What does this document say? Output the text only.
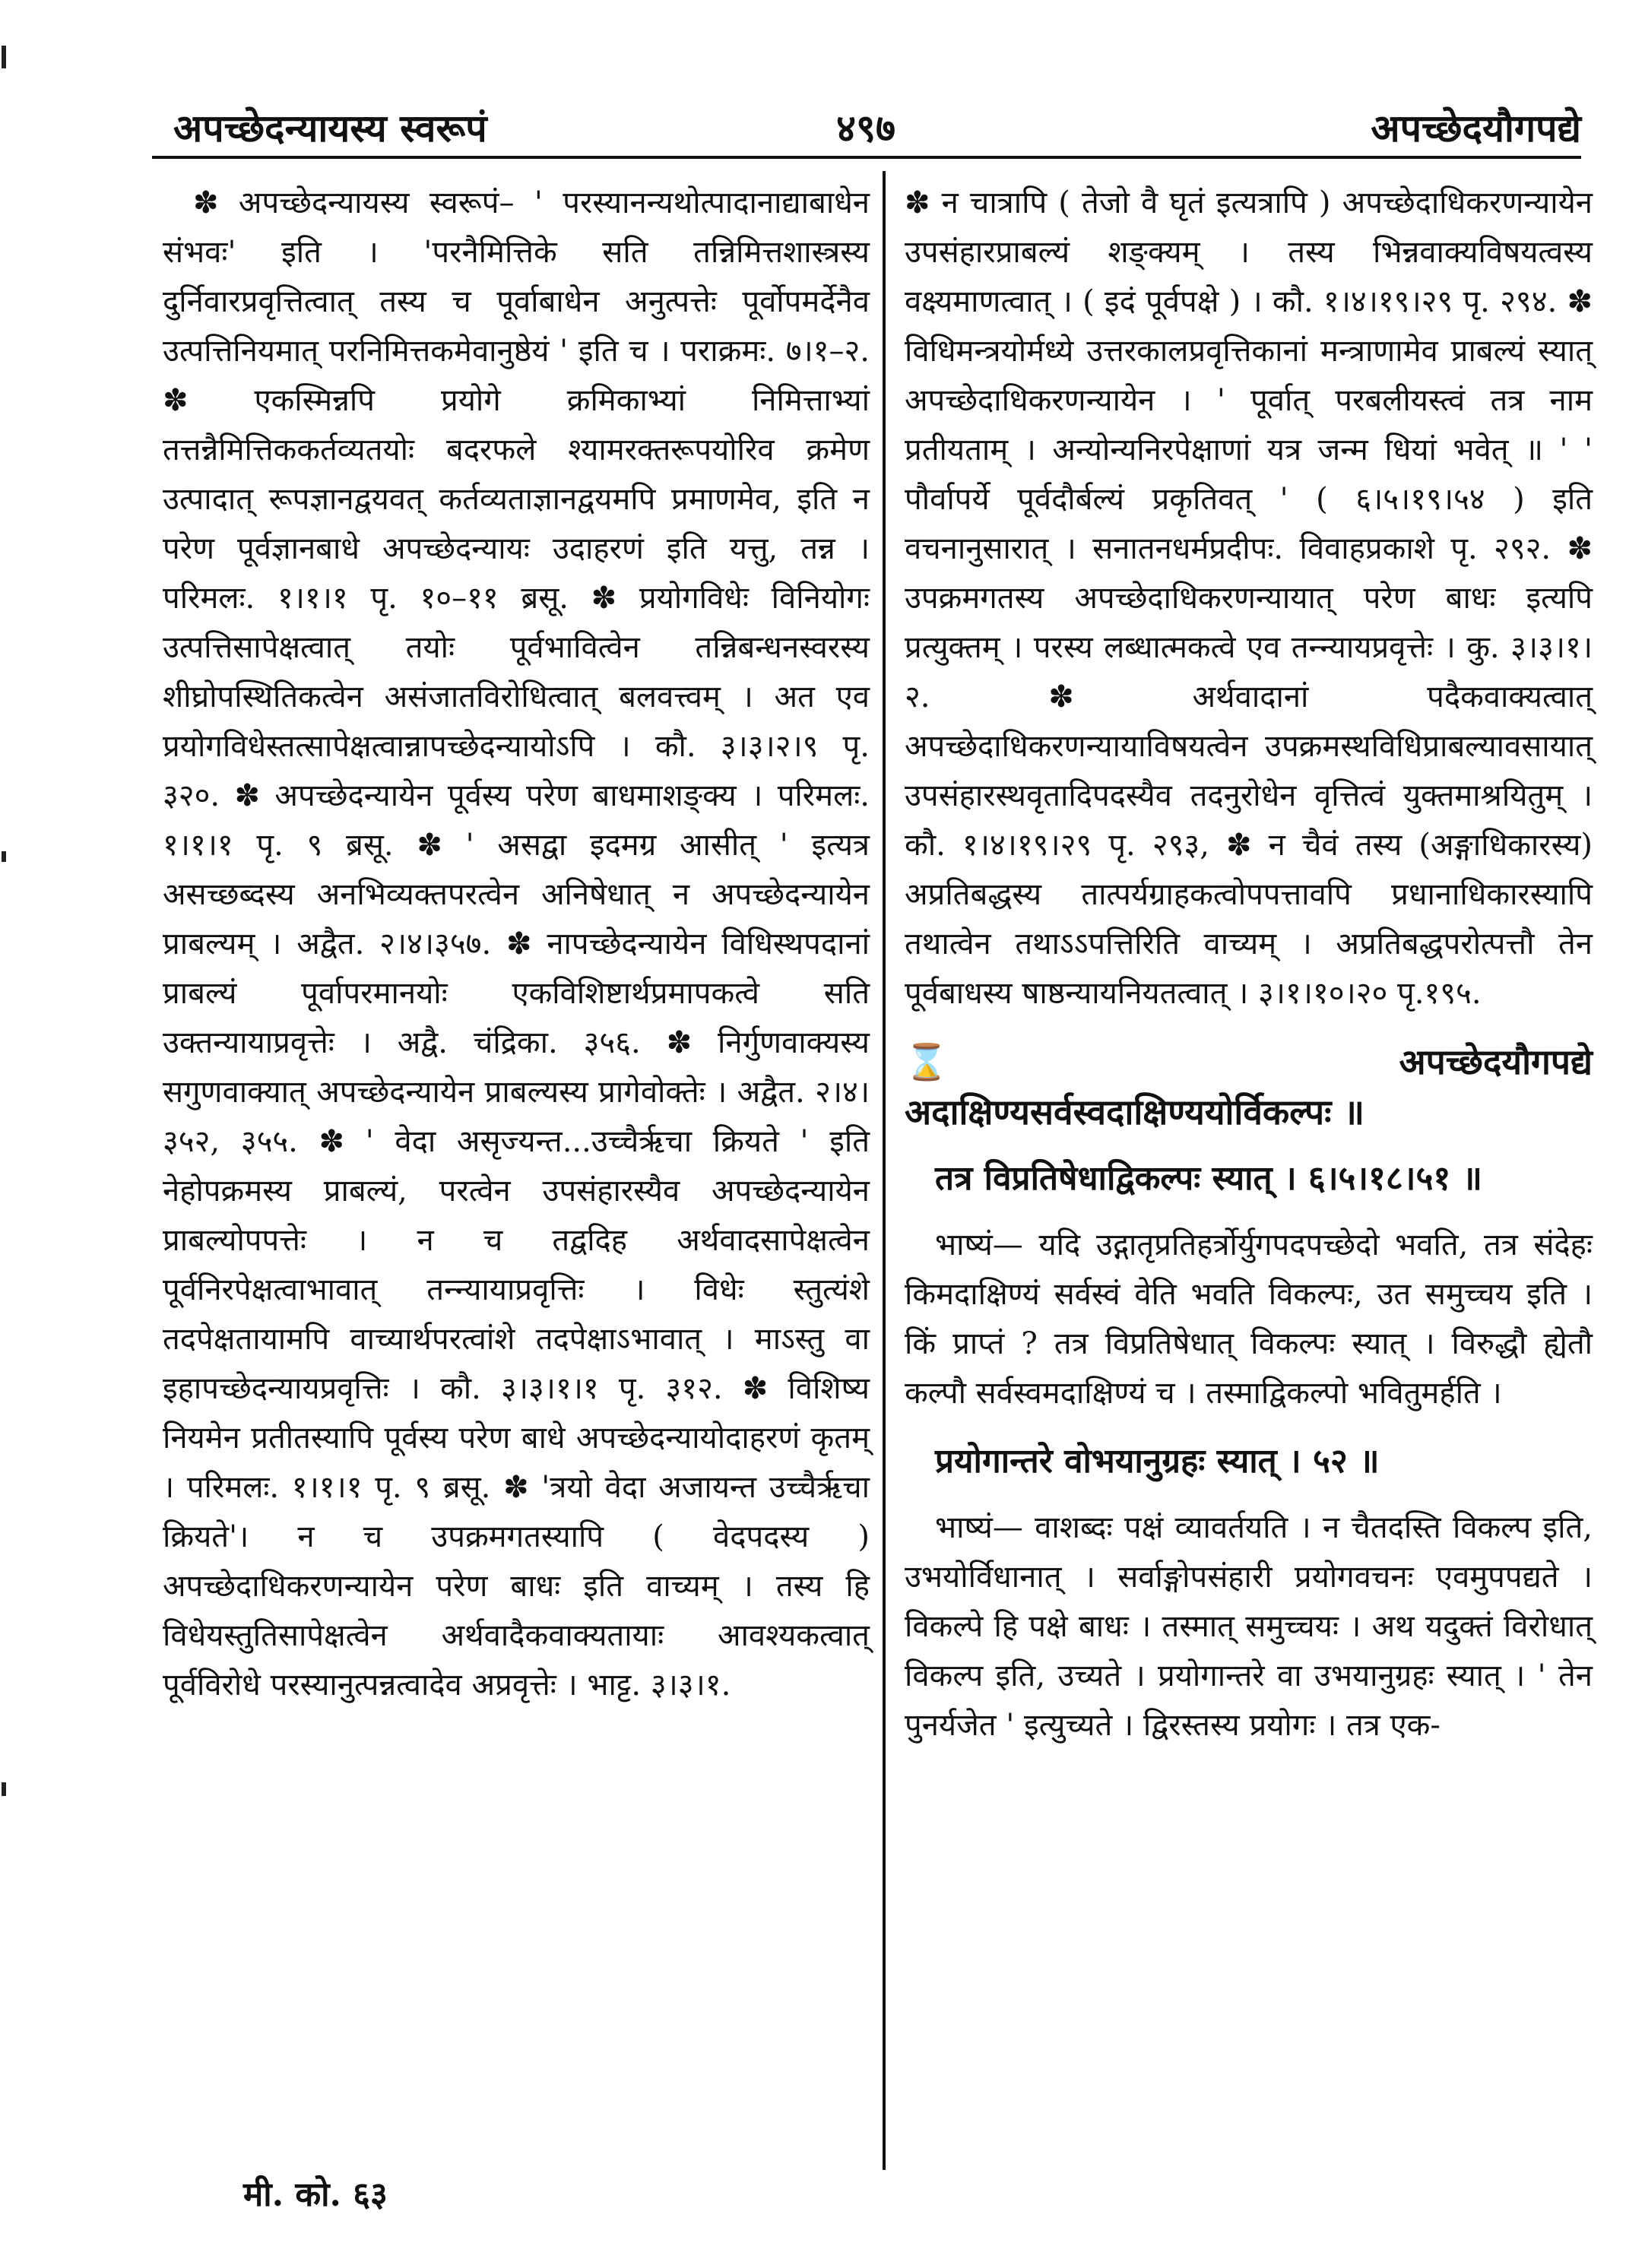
अपच्छेदन्यायस्य स्वरूपं	४९७	अपच्छेदयौगपद्ये

✽ अपच्छेदन्यायस्य स्वरूपं– ' परस्यानन्यथोत्पादानाद्याबाधेन संभवः' इति । 'परनैमित्तिके सति तन्निमित्तशास्त्रस्य दुर्निवारप्रवृत्तित्वात् तस्य च पूर्वाबाधेन अनुत्पत्तेः पूर्वोपमर्देनैव उत्पत्तिनियमात् परनिमित्तकमेवानुष्ठेयं ' इति च । पराक्रमः. ७।१–२. ✽ एकस्मिन्नपि प्रयोगे क्रमिकाभ्यां निमित्ताभ्यां तत्तन्नैमित्तिककर्तव्यतयोः बदरफले श्यामरक्तरूपयोरिव क्रमेण उत्पादात् रूपज्ञानद्वयवत् कर्तव्यताज्ञानद्वयमपि प्रमाणमेव, इति न परेण पूर्वज्ञानबाधे अपच्छेदन्यायः उदाहरणं इति यत्तु, तन्न । परिमलः. १।१।१ पृ. १०–११ ब्रसू. ✽ प्रयोगविधेः विनियोगः उत्पत्तिसापेक्षत्वात् तयोः पूर्वभावित्वेन तन्निबन्धनस्वरस्य शीघ्रोपस्थितिकत्वेन असंजातविरोधित्वात् बलवत्त्वम् । अत एव प्रयोगविधेस्तत्सापेक्षत्वान्नापच्छेदन्यायोऽपि । कौ. ३।३।२।९ पृ. ३२०. ✽ अपच्छेदन्यायेन पूर्वस्य परेण बाधमाशङ्क्य । परिमलः. १।१।१ पृ. ९ ब्रसू. ✽ ' असद्वा इदमग्र आसीत् ' इत्यत्र असच्छब्दस्य अनभिव्यक्तपरत्वेन अनिषेधात् न अपच्छेदन्यायेन प्राबल्यम् । अद्वैत. २।४।३५७. ✽ नापच्छेदन्यायेन विधिस्थपदानां प्राबल्यं पूर्वापरमानयोः एकविशिष्टार्थप्रमापकत्वे सति उक्तन्यायाप्रवृत्तेः । अद्वै. चंद्रिका. ३५६. ✽ निर्गुणवाक्यस्य सगुणवाक्यात् अपच्छेदन्यायेन प्राबल्यस्य प्रागेवोक्तेः । अद्वैत. २।४।३५२, ३५५. ✽ ' वेदा असृज्यन्त...उच्चैर्ऋचा क्रियते ' इति नेहोपक्रमस्य प्राबल्यं, परत्वेन उपसंहारस्यैव अपच्छेदन्यायेन प्राबल्योपपत्तेः । न च तद्वदिह अर्थवादसापेक्षत्वेन पूर्वनिरपेक्षत्वाभावात् तन्न्यायाप्रवृत्तिः । विधेः स्तुत्यंशे तदपेक्षतायामपि वाच्यार्थपरत्वांशे तदपेक्षाऽभावात् । माऽस्तु वा इहापच्छेदन्यायप्रवृत्तिः । कौ. ३।३।१।१ पृ. ३१२. ✽ विशिष्य नियमेन प्रतीतस्यापि पूर्वस्य परेण बाधे अपच्छेदन्यायोदाहरणं कृतम् । परिमलः. १।१।१ पृ. ९ ब्रसू. ✽ 'त्रयो वेदा अजायन्त उच्चैर्ऋचा क्रियते'। न च उपक्रमगतस्यापि ( वेदपदस्य ) अपच्छेदाधिकरणन्यायेन परेण बाधः इति वाच्यम् । तस्य हि विधेयस्तुतिसापेक्षत्वेन अर्थवादैकवाक्यतायाः आवश्यकत्वात् पूर्वविरोधे परस्यानुत्पन्नत्वादेव अप्रवृत्तेः । भाट्ट. ३।३।१.

✽ न चात्रापि ( तेजो वै घृतं इत्यत्रापि ) अपच्छेदाधिकरणन्यायेन उपसंहारप्राबल्यं शङ्क्यम् । तस्य भिन्नवाक्यविषयत्वस्य वक्ष्यमाणत्वात् । ( इदं पूर्वपक्षे ) । कौ. १।४।१९।२९ पृ. २९४. ✽ विधिमन्त्रयोर्मध्ये उत्तरकालप्रवृत्तिकानां मन्त्राणामेव प्राबल्यं स्यात् अपच्छेदाधिकरणन्यायेन । ' पूर्वात् परबलीयस्त्वं तत्र नाम प्रतीयताम् । अन्योन्यनिरपेक्षाणां यत्र जन्म धियां भवेत् ॥ ' ' पौर्वापर्ये पूर्वदौर्बल्यं प्रकृतिवत् ' ( ६।५।१९।५४ ) इति वचनानुसारात् । सनातनधर्मप्रदीपः. विवाहप्रकाशे पृ. २९२. ✽ उपक्रमगतस्य अपच्छेदाधिकरणन्यायात् परेण बाधः इत्यपि प्रत्युक्तम् । परस्य लब्धात्मकत्वे एव तन्न्यायप्रवृत्तेः । कु. ३।३।१।२. ✽ अर्थवादानां पदैकवाक्यत्वात् अपच्छेदाधिकरणन्यायाविषयत्वेन उपक्रमस्थविधिप्राबल्यावसायात् उपसंहारस्थवृतादिपदस्यैव तदनुरोधेन वृत्तित्वं युक्तमाश्रयितुम् । कौ. १।४।१९।२९ पृ. २९३, ✽ न चैवं तस्य (अङ्गाधिकारस्य) अप्रतिबद्धस्य तात्पर्यग्राहकत्वोपपत्तावपि प्रधानाधिकारस्यापि तथात्वेन तथाऽऽपत्तिरिति वाच्यम् । अप्रतिबद्धपरोत्पत्तौ तेन पूर्वबाधस्य षाष्ठन्यायनियतत्वात् । ३।१।१०।२० पृ.१९५.

⌛ अपच्छेदयौगपद्ये अदाक्षिण्यसर्वस्वदाक्षिण्ययोर्विकल्पः ॥

तत्र विप्रतिषेधाद्विकल्पः स्यात् । ६।५।१८।५१ ॥

भाष्यं— यदि उद्गातृप्रतिहर्त्रोर्युगपदपच्छेदो भवति, तत्र संदेहः किमदाक्षिण्यं सर्वस्वं वेति भवति विकल्पः, उत समुच्चय इति । किं प्राप्तं ? तत्र विप्रतिषेधात् विकल्पः स्यात् । विरुद्धौ ह्येतौ कल्पौ सर्वस्वमदाक्षिण्यं च । तस्माद्विकल्पो भवितुमर्हति ।

प्रयोगान्तरे वोभयानुग्रहः स्यात् । ५२ ॥

भाष्यं— वाशब्दः पक्षं व्यावर्तयति । न चैतदस्ति विकल्प इति, उभयोर्विधानात् । सर्वाङ्गोपसंहारी प्रयोगवचनः एवमुपपद्यते । विकल्पे हि पक्षे बाधः । तस्मात् समुच्चयः । अथ यदुक्तं विरोधात् विकल्प इति, उच्यते । प्रयोगान्तरे वा उभयानुग्रहः स्यात् । ' तेन पुनर्यजेत ' इत्युच्यते । द्विरस्तस्य प्रयोगः । तत्र एक-

मी. को. ६३
